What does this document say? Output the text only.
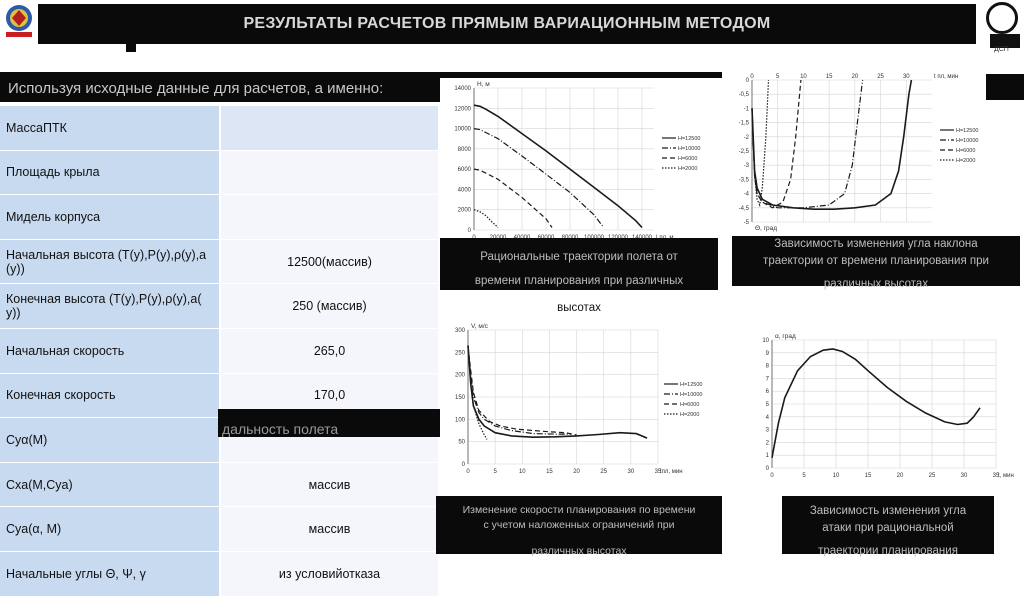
РЕЗУЛЬТАТЫ РАСЧЕТОВ ПРЯМЫМ ВАРИАЦИОННЫМ МЕТОДОМ
ДСП
Используя исходные данные для расчетов, а именно:
МассаПТК	
Площадь крыла	
Мидель корпуса	
Начальная высота (T(y),P(y),ρ(y),a (y))	12500(массив)
Конечная высота (T(y),P(y),ρ(y),a( y))	250 (массив)
Начальная скорость	265,0
Конечная скорость	170,0
Cyα(M)	
Cxa(M,Cya)	массив
Cya(α, M)	массив
Начальные углы Θ, Ψ, γ	из условийотказа
дальность полета
0
2000
4000
6000
8000
10000
12000
14000
H, м
H=12500
H=10000
H=6000
H=2000
0	5	10	15	20	25	30
0
-0,5
-1
-1,5
-2
-2,5
-3
-3,5
-4
-4,5
-5
Θ, град
t пл, мин
H=12500
H=10000
H=6000
H=2000
0	5	10	15	20	25	30	35
0
50
100
150
200
250
300
V, м/с
tпл, мин
H=12500
H=10000
H=6000
H=2000
0	5	10	15	20	25	30	35
0
1
2
3
4
5
6
7
8
9
10
α, град
t, мин
Рациональные траектории полета от
времени планирования при различных
высотах
Зависимость изменения угла наклона
траектории от времени планирования при
различных высотах
Изменение скорости планирования по времени
с учетом наложенных ограничений при
различных высотах
Зависимость изменения угла
атаки при рациональной
траектории планирования
